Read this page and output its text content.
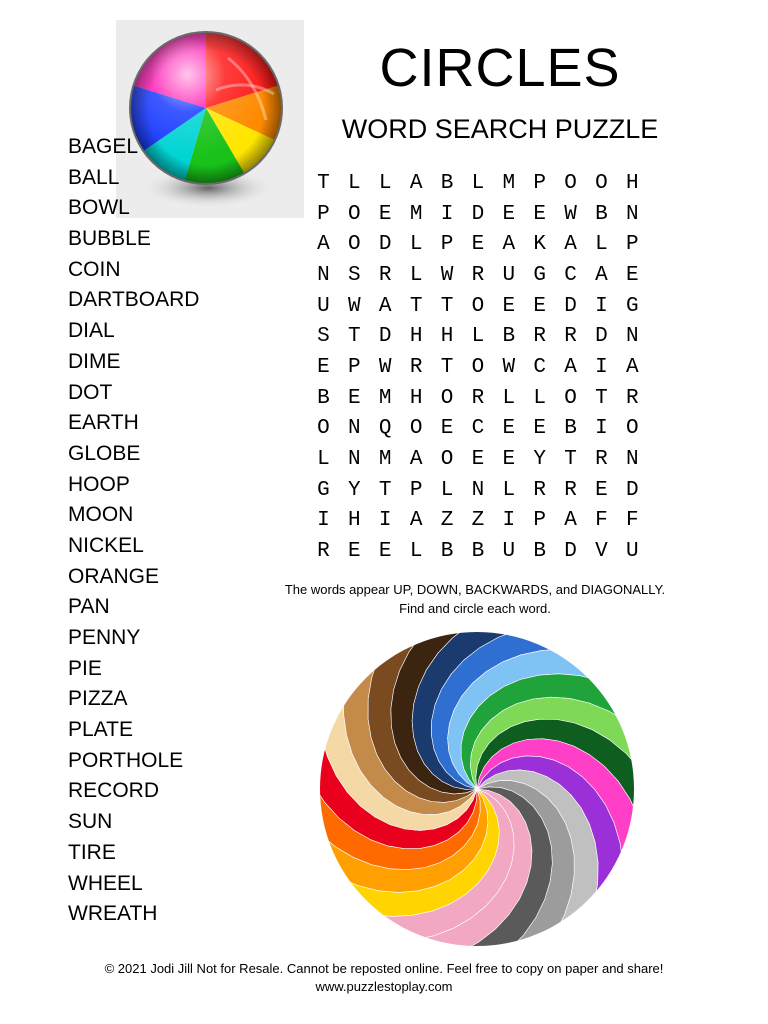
CIRCLES
WORD SEARCH PUZZLE
BAGEL
BALL
BOWL
BUBBLE
COIN
DARTBOARD
DIAL
DIME
DOT
EARTH
GLOBE
HOOP
MOON
NICKEL
ORANGE
PAN
PENNY
PIE
PIZZA
PLATE
PORTHOLE
RECORD
SUN
TIRE
WHEEL
WREATH
T	L	L	A	B	L	M	P	O	O	H
P	O	E	M	I	D	E	E	W	B	N
A	O	D	L	P	E	A	K	A	L	P
N	S	R	L	W	R	U	G	C	A	E
U	W	A	T	T	O	E	E	D	I	G
S	T	D	H	H	L	B	R	R	D	N
E	P	W	R	T	O	W	C	A	I	A
B	E	M	H	O	R	L	L	O	T	R
O	N	Q	O	E	C	E	E	B	I	O
L	N	M	A	O	E	E	Y	T	R	N
G	Y	T	P	L	N	L	R	R	E	D
I	H	I	A	Z	Z	I	P	A	F	F
R	E	E	L	B	B	U	B	D	V	U
The words appear UP, DOWN, BACKWARDS, and DIAGONALLY.
Find and circle each word.
© 2021 Jodi Jill Not for Resale. Cannot be reposted online. Feel free to copy on paper and share!
www.puzzlestoplay.com
